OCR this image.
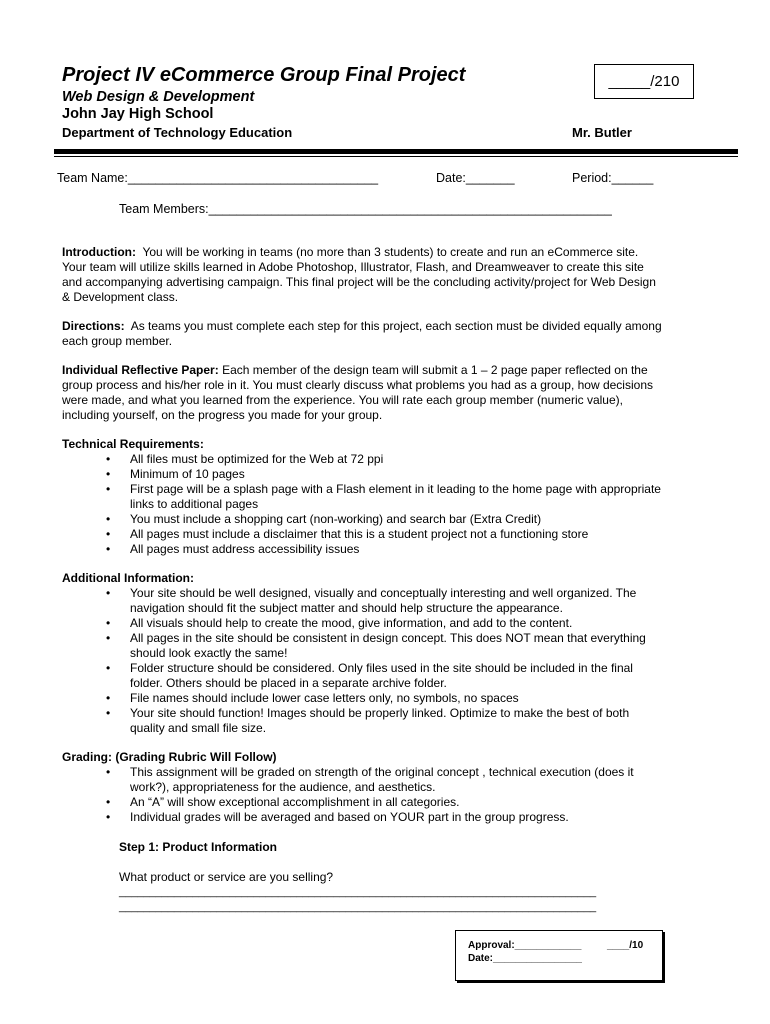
Project IV eCommerce Group Final Project
Web Design & Development
John Jay High School
Department of Technology Education	Mr. Butler
_____/210
Team Name:____________________________________	Date:_______	Period:______
Team Members:__________________________________________________________
Introduction: You will be working in teams (no more than 3 students) to create and run an eCommerce site. Your team will utilize skills learned in Adobe Photoshop, Illustrator, Flash, and Dreamweaver to create this site and accompanying advertising campaign. This final project will be the concluding activity/project for Web Design & Development class.
Directions: As teams you must complete each step for this project, each section must be divided equally among each group member.
Individual Reflective Paper: Each member of the design team will submit a 1 – 2 page paper reflected on the group process and his/her role in it. You must clearly discuss what problems you had as a group, how decisions were made, and what you learned from the experience. You will rate each group member (numeric value), including yourself, on the progress you made for your group.
Technical Requirements:
• All files must be optimized for the Web at 72 ppi
• Minimum of 10 pages
• First page will be a splash page with a Flash element in it leading to the home page with appropriate links to additional pages
• You must include a shopping cart (non-working) and search bar (Extra Credit)
• All pages must include a disclaimer that this is a student project not a functioning store
• All pages must address accessibility issues
Additional Information:
• Your site should be well designed, visually and conceptually interesting and well organized. The navigation should fit the subject matter and should help structure the appearance.
• All visuals should help to create the mood, give information, and add to the content.
• All pages in the site should be consistent in design concept. This does NOT mean that everything should look exactly the same!
• Folder structure should be considered. Only files used in the site should be included in the final folder. Others should be placed in a separate archive folder.
• File names should include lower case letters only, no symbols, no spaces
• Your site should function! Images should be properly linked. Optimize to make the best of both quality and small file size.
Grading: (Grading Rubric Will Follow)
• This assignment will be graded on strength of the original concept , technical execution (does it work?), appropriateness for the audience, and aesthetics.
• An “A” will show exceptional accomplishment in all categories.
• Individual grades will be averaged and based on YOUR part in the group progress.
Step 1: Product Information
What product or service are you selling?
______________________________________________________________________________
______________________________________________________________________________
Approval:____________	____/10
Date:________________
